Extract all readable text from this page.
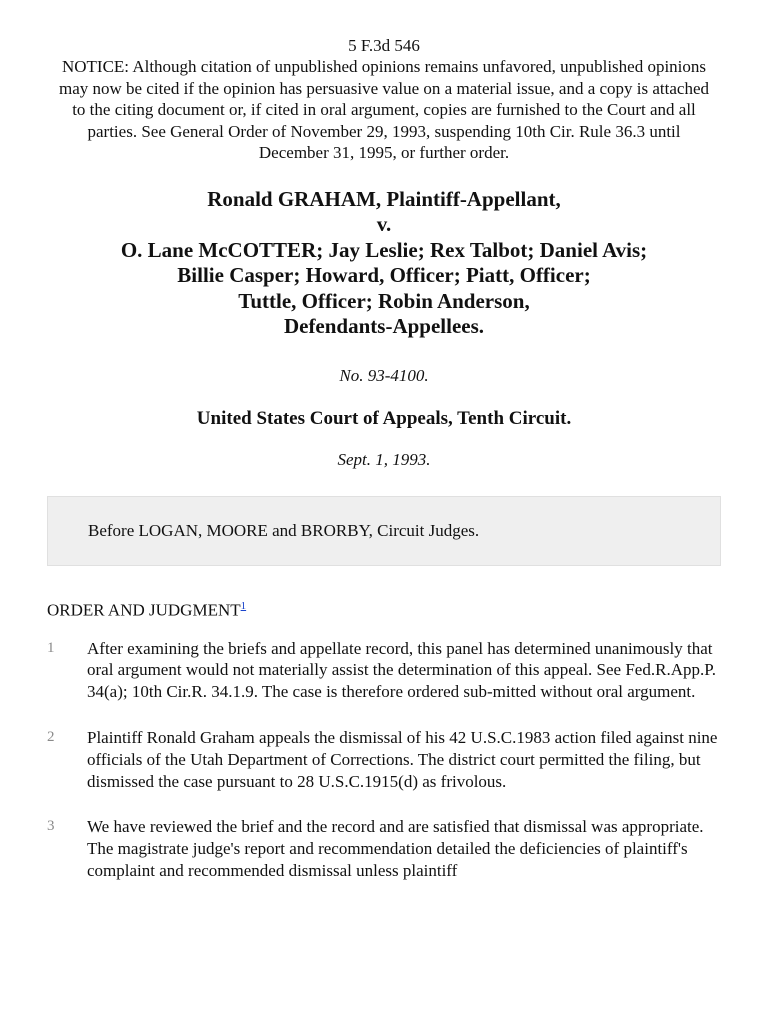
5 F.3d 546
NOTICE: Although citation of unpublished opinions remains unfavored, unpublished opinions may now be cited if the opinion has persuasive value on a material issue, and a copy is attached to the citing document or, if cited in oral argument, copies are furnished to the Court and all parties. See General Order of November 29, 1993, suspending 10th Cir. Rule 36.3 until December 31, 1995, or further order.
Ronald GRAHAM, Plaintiff-Appellant,
v.
O. Lane McCOTTER; Jay Leslie; Rex Talbot; Daniel Avis;
Billie Casper; Howard, Officer; Piatt, Officer;
Tuttle, Officer; Robin Anderson,
Defendants-Appellees.
No. 93-4100.
United States Court of Appeals, Tenth Circuit.
Sept. 1, 1993.
Before LOGAN, MOORE and BRORBY, Circuit Judges.
ORDER AND JUDGMENT$^1$
1	After examining the briefs and appellate record, this panel has determined unanimously that oral argument would not materially assist the determination of this appeal. See Fed.R.App.P. 34(a); 10th Cir.R. 34.1.9. The case is therefore ordered sub-mitted without oral argument.
2	Plaintiff Ronald Graham appeals the dismissal of his 42 U.S.C.1983 action filed against nine officials of the Utah Department of Corrections. The district court permitted the filing, but dismissed the case pursuant to 28 U.S.C.1915(d) as frivolous.
3	We have reviewed the brief and the record and are satisfied that dismissal was appropriate. The magistrate judge's report and recommendation detailed the deficiencies of plaintiff's complaint and recommended dismissal unless plaintiff
